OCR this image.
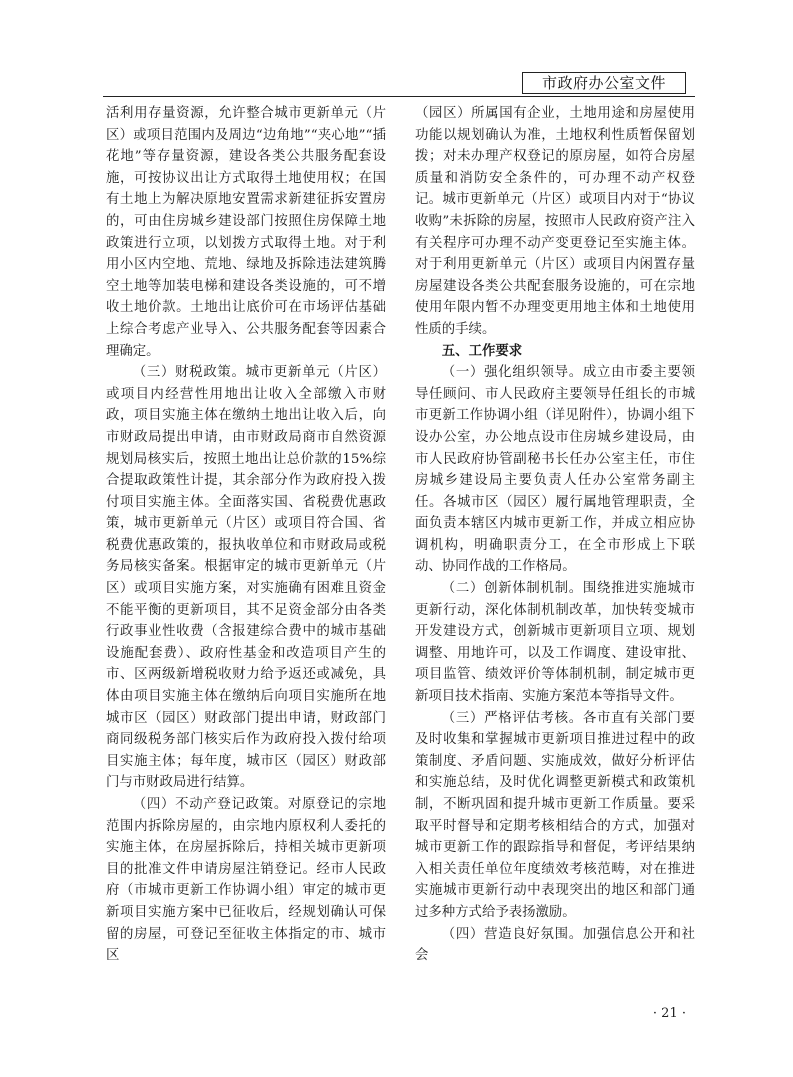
市政府办公室文件

活利用存量资源，允许整合城市更新单元（片区）或项目范围内及周边“边角地”“夹心地”“插花地”等存量资源，建设各类公共服务配套设施，可按协议出让方式取得土地使用权；在国有土地上为解决原地安置需求新建征拆安置房的，可由住房城乡建设部门按照住房保障土地政策进行立项，以划拨方式取得土地。对于利用小区内空地、荒地、绿地及拆除违法建筑腾空土地等加装电梯和建设各类设施的，可不增收土地价款。土地出让底价可在市场评估基础上综合考虑产业导入、公共服务配套等因素合理确定。

（三）财税政策。城市更新单元（片区）或项目内经营性用地出让收入全部缴入市财政，项目实施主体在缴纳土地出让收入后，向市财政局提出申请，由市财政局商市自然资源规划局核实后，按照土地出让总价款的15%综合提取政策性计提，其余部分作为政府投入拨付项目实施主体。全面落实国、省税费优惠政策，城市更新单元（片区）或项目符合国、省税费优惠政策的，报执收单位和市财政局或税务局核实备案。根据审定的城市更新单元（片区）或项目实施方案，对实施确有困难且资金不能平衡的更新项目，其不足资金部分由各类行政事业性收费（含报建综合费中的城市基础设施配套费）、政府性基金和改造项目产生的市、区两级新增税收财力给予返还或减免，具体由项目实施主体在缴纳后向项目实施所在地城市区（园区）财政部门提出申请，财政部门商同级税务部门核实后作为政府投入拨付给项目实施主体；每年度，城市区（园区）财政部门与市财政局进行结算。

（四）不动产登记政策。对原登记的宗地范围内拆除房屋的，由宗地内原权利人委托的实施主体，在房屋拆除后，持相关城市更新项目的批准文件申请房屋注销登记。经市人民政府（市城市更新工作协调小组）审定的城市更新项目实施方案中已征收后，经规划确认可保留的房屋，可登记至征收主体指定的市、城市区

（园区）所属国有企业，土地用途和房屋使用功能以规划确认为准，土地权利性质暂保留划拨；对未办理产权登记的原房屋，如符合房屋质量和消防安全条件的，可办理不动产权登记。城市更新单元（片区）或项目内对于“协议收购”未拆除的房屋，按照市人民政府资产注入有关程序可办理不动产变更登记至实施主体。对于利用更新单元（片区）或项目内闲置存量房屋建设各类公共配套服务设施的，可在宗地使用年限内暂不办理变更用地主体和土地使用性质的手续。

五、工作要求

（一）强化组织领导。成立由市委主要领导任顾问、市人民政府主要领导任组长的市城市更新工作协调小组（详见附件），协调小组下设办公室，办公地点设市住房城乡建设局，由市人民政府协管副秘书长任办公室主任，市住房城乡建设局主要负责人任办公室常务副主任。各城市区（园区）履行属地管理职责，全面负责本辖区内城市更新工作，并成立相应协调机构，明确职责分工，在全市形成上下联动、协同作战的工作格局。

（二）创新体制机制。围绕推进实施城市更新行动，深化体制机制改革，加快转变城市开发建设方式，创新城市更新项目立项、规划调整、用地许可，以及工作调度、建设审批、项目监管、绩效评价等体制机制，制定城市更新项目技术指南、实施方案范本等指导文件。

（三）严格评估考核。各市直有关部门要及时收集和掌握城市更新项目推进过程中的政策制度、矛盾问题、实施成效，做好分析评估和实施总结，及时优化调整更新模式和政策机制，不断巩固和提升城市更新工作质量。要采取平时督导和定期考核相结合的方式，加强对城市更新工作的跟踪指导和督促，考评结果纳入相关责任单位年度绩效考核范畴，对在推进实施城市更新行动中表现突出的地区和部门通过多种方式给予表扬激励。

（四）营造良好氛围。加强信息公开和社会

· 21 ·
